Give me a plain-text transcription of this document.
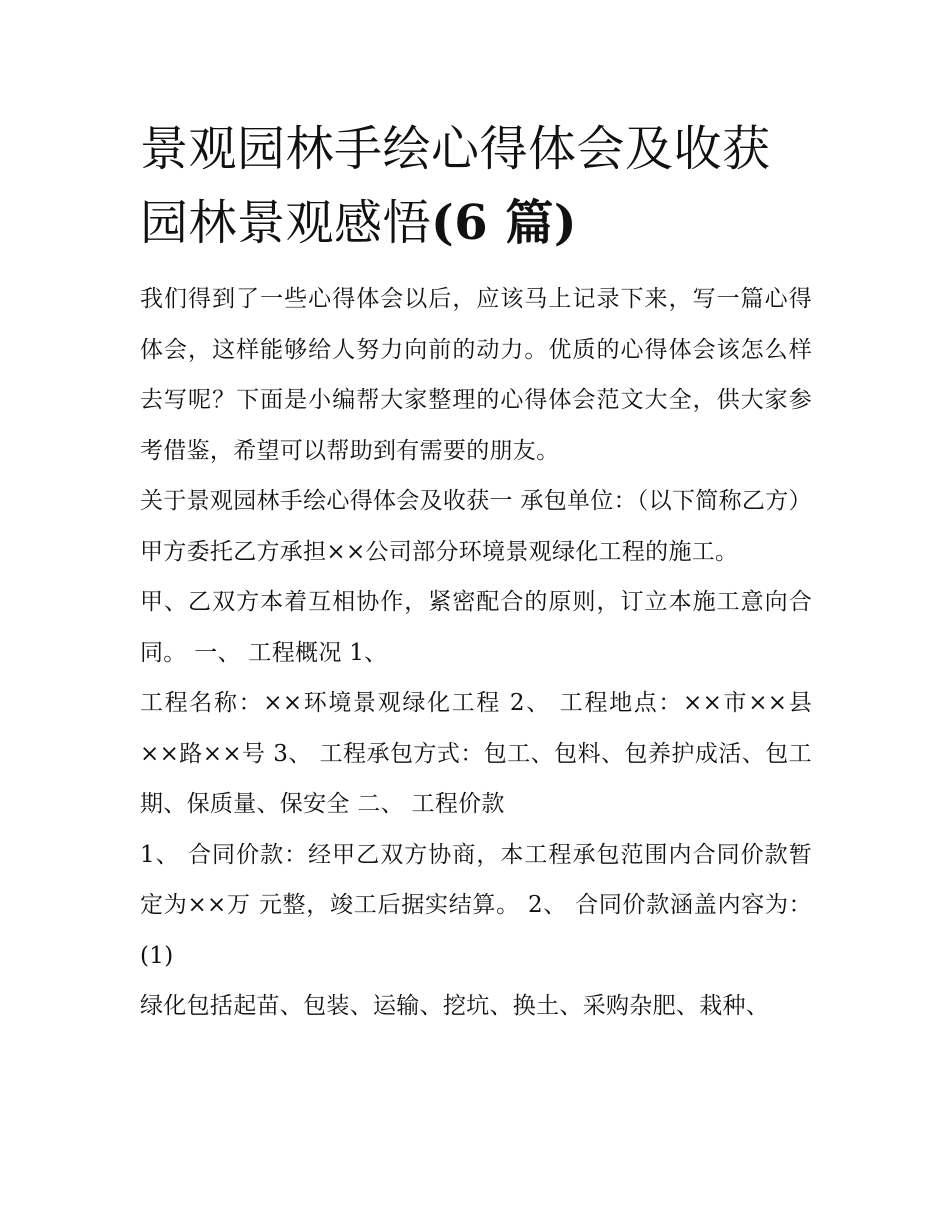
景观园林手绘心得体会及收获
园林景观感悟(6 篇)

我们得到了一些心得体会以后，应该马上记录下来，写一篇心得体会，这样能够给人努力向前的动力。优质的心得体会该怎么样去写呢？下面是小编帮大家整理的心得体会范文大全，供大家参考借鉴，希望可以帮助到有需要的朋友。

关于景观园林手绘心得体会及收获一 承包单位：（以下简称乙方）

甲方委托乙方承担××公司部分环境景观绿化工程的施工。

甲、乙双方本着互相协作，紧密配合的原则，订立本施工意向合同。 一、 工程概况 1、

工程名称：××环境景观绿化工程 2、 工程地点：××市××县××路××号 3、 工程承包方式：包工、包料、包养护成活、包工期、保质量、保安全 二、 工程价款

1、 合同价款：经甲乙双方协商，本工程承包范围内合同价款暂定为××万 元整，竣工后据实结算。 2、 合同价款涵盖内容为： (1)

绿化包括起苗、包装、运输、挖坑、换土、采购杂肥、栽种、
